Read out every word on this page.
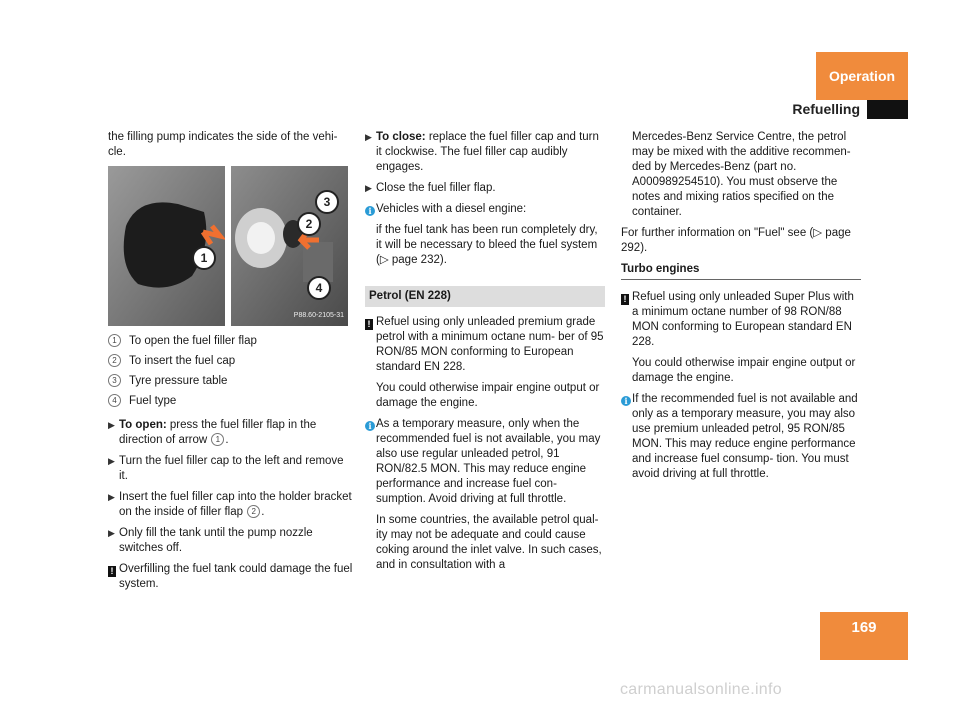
Operation
Refuelling

the filling pump indicates the side of the vehi- cle.

1
2
3
4
P88.60-2105-31
1 To open the fuel filler flap
2 To insert the fuel cap
3 Tyre pressure table
4 Fuel type
▶ To open: press the fuel filler flap in the direction of arrow 1 .
▶ Turn the fuel filler cap to the left and remove it.
▶ Insert the fuel filler cap into the holder bracket on the inside of filler flap 2 .
▶ Only fill the tank until the pump nozzle switches off.
! Overfilling the fuel tank could damage the fuel system.
▶ To close: replace the fuel filler cap and turn it clockwise. The fuel filler cap audibly engages.
▶ Close the fuel filler flap.
i Vehicles with a diesel engine:

if the fuel tank has been run completely dry, it will be necessary to bleed the fuel system (▷ page 232).

Petrol (EN 228)
! Refuel using only unleaded premium grade petrol with a minimum octane num- ber of 95 RON/85 MON conforming to European standard EN 228.

You could otherwise impair engine output or damage the engine.

i As a temporary measure, only when the recommended fuel is not available, you may also use regular unleaded petrol, 91 RON/82.5 MON. This may reduce engine performance and increase fuel con- sumption. Avoid driving at full throttle.

In some countries, the available petrol qual- ity may not be adequate and could cause coking around the inlet valve. In such cases, and in consultation with a

Mercedes-Benz Service Centre, the petrol may be mixed with the additive recommen- ded by Mercedes-Benz (part no. A000989254510). You must observe the notes and mixing ratios specified on the container.

For further information on "Fuel" see (▷ page 292).

Turbo engines
! Refuel using only unleaded Super Plus with a minimum octane number of 98 RON/88 MON conforming to European standard EN 228.

You could otherwise impair engine output or damage the engine.

i If the recommended fuel is not available and only as a temporary measure, you may also use premium unleaded petrol, 95 RON/85 MON. This may reduce engine performance and increase fuel consump- tion. You must avoid driving at full throttle.

169
carmanualsonline.info
